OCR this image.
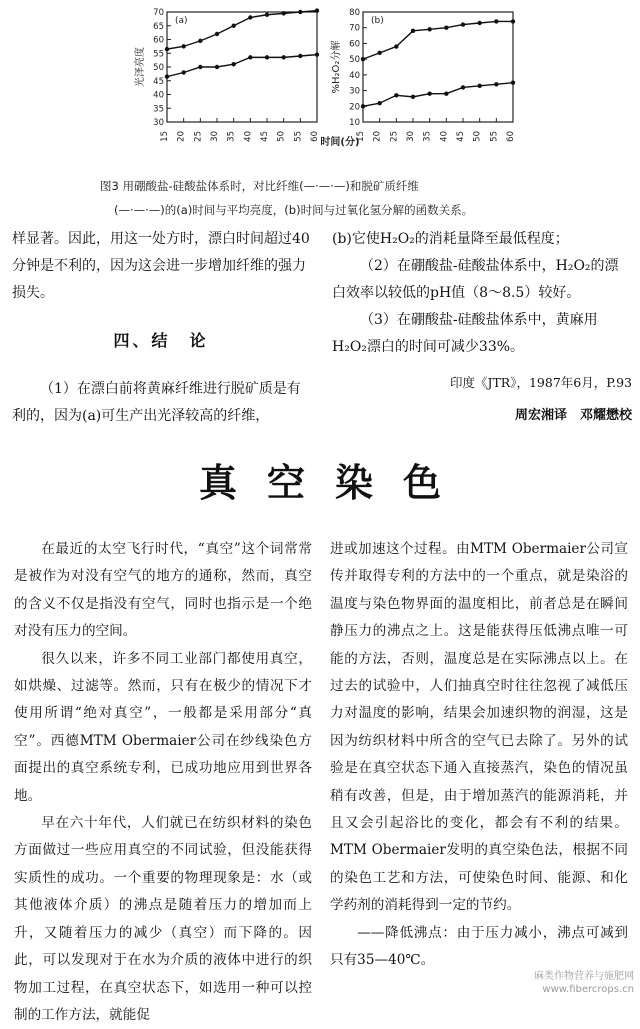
30
35
40
45
50
55
60
65
70
15 20 25 30 35 40 45 50 55 60
(a)
光泽亮度
10
20
30
40
50
60
70
80
15 20 25 30 35 40 45 50 55 60
(b)
%H₂O₂分解
时间(分)
图3 用硼酸盐-硅酸盐体系时，对比纤维(—·—·—)和脱矿质纤维
(—·—·—)的(a)时间与平均亮度，(b)时间与过氧化氢分解的函数关系。

样显著。因此，用这一处方时，漂白时间超过40分钟是不利的，因为这会进一步增加纤维的强力损失。

四、结　论

（1）在漂白前将黄麻纤维进行脱矿质是有利的，因为(a)可生产出光泽较高的纤维，

(b)它使H₂O₂的消耗量降至最低程度；

（2）在硼酸盐-硅酸盐体系中，H₂O₂的漂白效率以较低的pH值（8～8.5）较好。

（3）在硼酸盐-硅酸盐体系中，黄麻用H₂O₂漂白的时间可减少33%。

印度《JTR》，1987年6月，P.93

周宏湘译　邓耀懋校

真空染色

在最近的太空飞行时代，“真空”这个词常常是被作为对没有空气的地方的通称，然而，真空的含义不仅是指没有空气，同时也指示是一个绝对没有压力的空间。

很久以来，许多不同工业部门都使用真空，如烘燥、过滤等。然而，只有在极少的情况下才使用所谓“绝对真空”，一般都是采用部分“真空”。西德MTM Obermaier公司在纱线染色方面提出的真空系统专利，已成功地应用到世界各地。

早在六十年代，人们就已在纺织材料的染色方面做过一些应用真空的不同试验，但没能获得实质性的成功。一个重要的物理现象是：水（或其他液体介质）的沸点是随着压力的增加而上升，又随着压力的减少（真空）而下降的。因此，可以发现对于在水为介质的液体中进行的织物加工过程，在真空状态下，如选用一种可以控制的工作方法，就能促

进或加速这个过程。由MTM Obermaier公司宣传并取得专利的方法中的一个重点，就是染浴的温度与染色物界面的温度相比，前者总是在瞬间静压力的沸点之上。这是能获得压低沸点唯一可能的方法，否则，温度总是在实际沸点以上。在过去的试验中，人们抽真空时往往忽视了减低压力对温度的影响，结果会加速织物的润湿，这是因为纺织材料中所含的空气已去除了。另外的试验是在真空状态下通入直接蒸汽，染色的情况虽稍有改善，但是，由于增加蒸汽的能源消耗，并且又会引起浴比的变化，都会有不利的结果。MTM Obermaier发明的真空染色法，根据不同的染色工艺和方法，可使染色时间、能源、和化学药剂的消耗得到一定的节约。

——降低沸点：由于压力减小，沸点可减到只有35—40℃。

麻类作物营养与施肥网
www.fibercrops.cn
